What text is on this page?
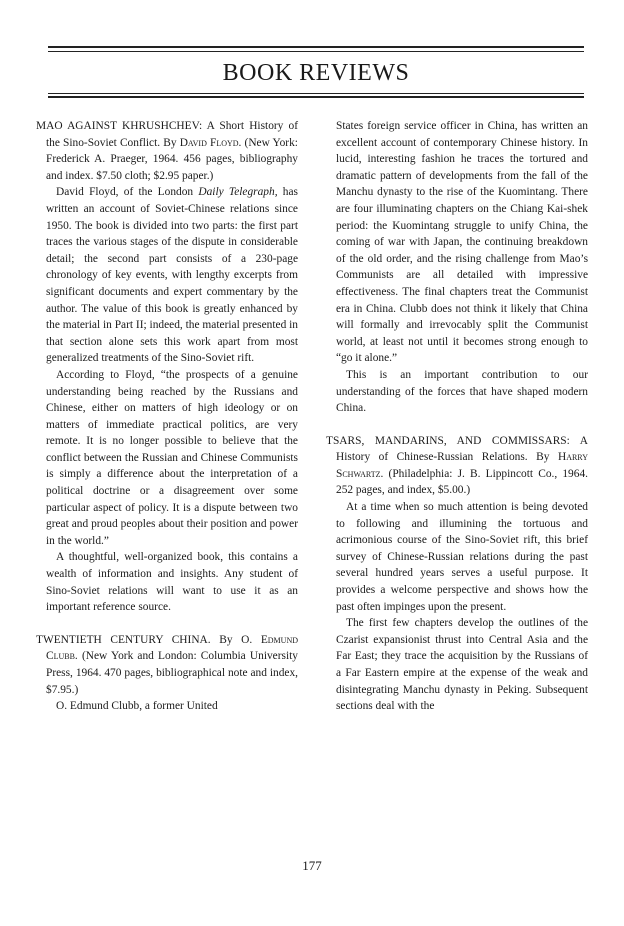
BOOK REVIEWS

MAO AGAINST KHRUSHCHEV: A Short History of the Sino-Soviet Conflict. By David Floyd. (New York: Frederick A. Praeger, 1964. 456 pages, bibliography and index. $7.50 cloth; $2.95 paper.)

David Floyd, of the London Daily Telegraph, has written an account of Soviet-Chinese relations since 1950. The book is divided into two parts: the first part traces the various stages of the dispute in considerable detail; the second part consists of a 230-page chronology of key events, with lengthy excerpts from significant documents and expert commentary by the author. The value of this book is greatly enhanced by the material in Part II; indeed, the material presented in that section alone sets this work apart from most generalized treatments of the Sino-Soviet rift.

According to Floyd, “the prospects of a genuine understanding being reached by the Russians and Chinese, either on matters of high ideology or on matters of immediate practical politics, are very remote. It is no longer possible to believe that the conflict between the Russian and Chinese Communists is simply a difference about the interpretation of a political doctrine or a disagreement over some particular aspect of policy. It is a dispute between two great and proud peoples about their position and power in the world.”

A thoughtful, well-organized book, this contains a wealth of information and insights. Any student of Sino-Soviet relations will want to use it as an important reference source.

TWENTIETH CENTURY CHINA. By O. Edmund Clubb. (New York and London: Columbia University Press, 1964. 470 pages, bibliographical note and index, $7.95.)

O. Edmund Clubb, a former United

States foreign service officer in China, has written an excellent account of contemporary Chinese history. In lucid, interesting fashion he traces the tortured and dramatic pattern of developments from the fall of the Manchu dynasty to the rise of the Kuomintang. There are four illuminating chapters on the Chiang Kai-shek period: the Kuomintang struggle to unify China, the coming of war with Japan, the continuing breakdown of the old order, and the rising challenge from Mao’s Communists are all detailed with impressive effectiveness. The final chapters treat the Communist era in China. Clubb does not think it likely that China will formally and irrevocably split the Communist world, at least not until it becomes strong enough to “go it alone.”

This is an important contribution to our understanding of the forces that have shaped modern China.

TSARS, MANDARINS, AND COMMISSARS: A History of Chinese-Russian Relations. By Harry Schwartz. (Philadelphia: J. B. Lippincott Co., 1964. 252 pages, and index, $5.00.)

At a time when so much attention is being devoted to following and illumining the tortuous and acrimonious course of the Sino-Soviet rift, this brief survey of Chinese-Russian relations during the past several hundred years serves a useful purpose. It provides a welcome perspective and shows how the past often impinges upon the present.

The first few chapters develop the outlines of the Czarist expansionist thrust into Central Asia and the Far East; they trace the acquisition by the Russians of a Far Eastern empire at the expense of the weak and disintegrating Manchu dynasty in Peking. Subsequent sections deal with the

177
